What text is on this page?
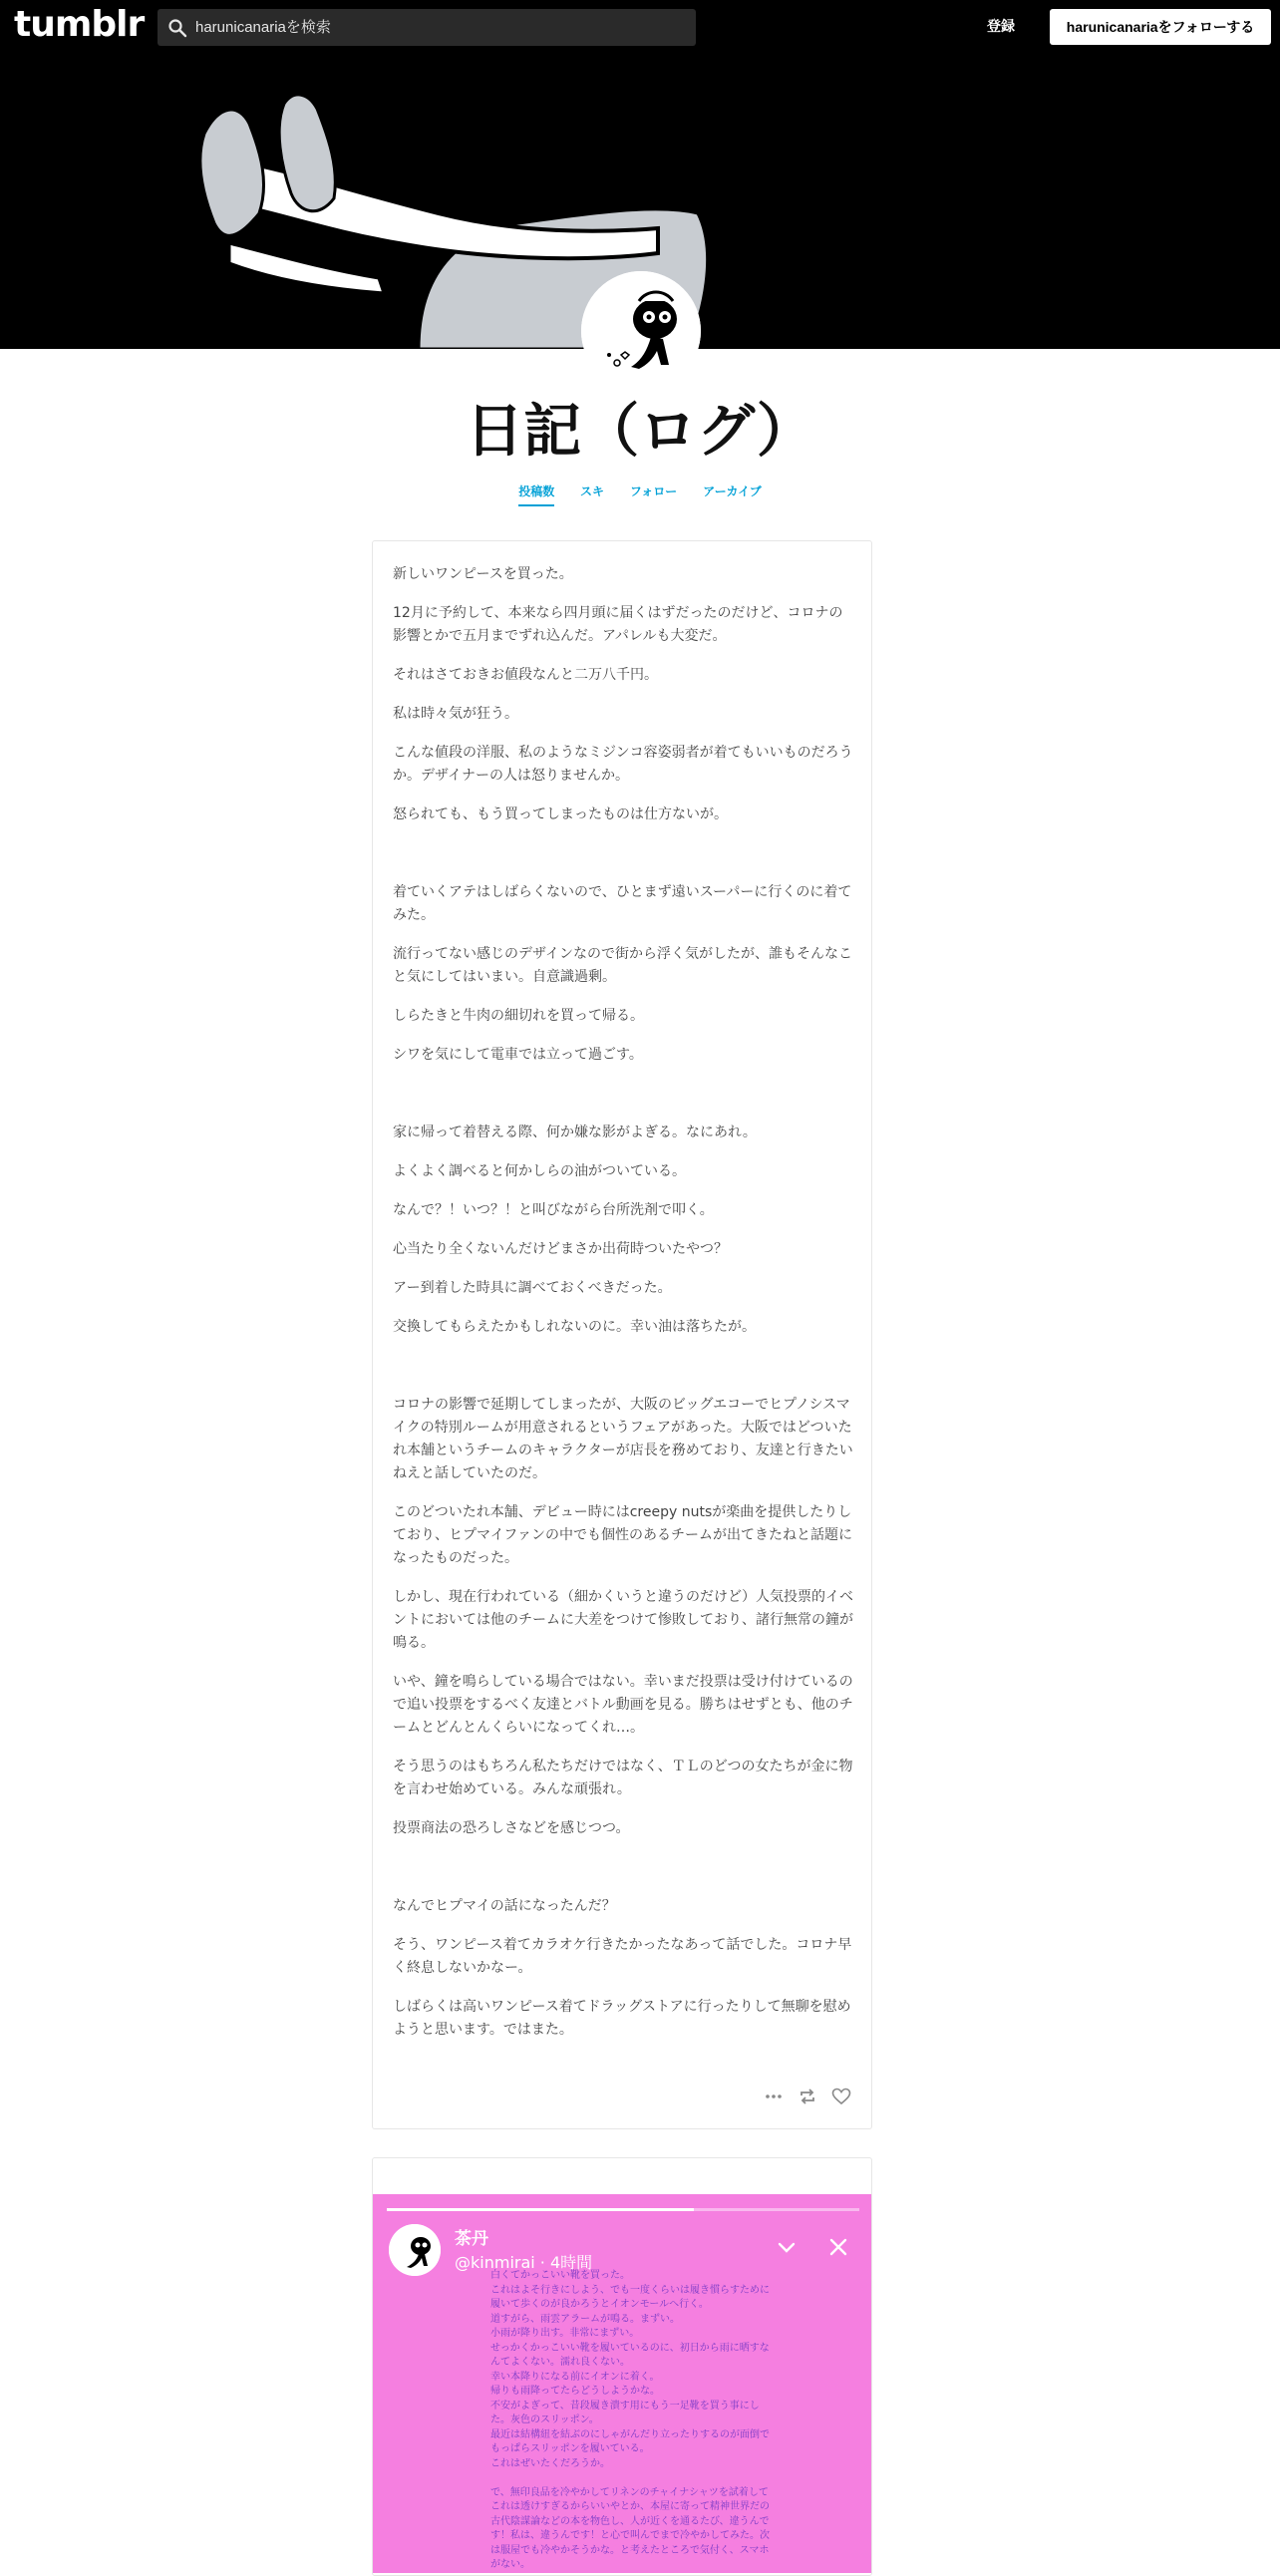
tumblr
harunicanariaを検索	登録	harunicanariaをフォローする
日記（ログ）
投稿数 スキ フォロー アーカイブ

新しいワンピースを買った。

12月に予約して、本来なら四月頭に届くはずだったのだけど、コロナの影響とかで五月までずれ込んだ。アパレルも大変だ。

それはさておきお値段なんと二万八千円。

私は時々気が狂う。

こんな値段の洋服、私のようなミジンコ容姿弱者が着てもいいものだろうか。デザイナーの人は怒りませんか。

怒られても、もう買ってしまったものは仕方ないが。

着ていくアテはしばらくないので、ひとまず遠いスーパーに行くのに着てみた。

流行ってない感じのデザインなので街から浮く気がしたが、誰もそんなこと気にしてはいまい。自意識過剰。

しらたきと牛肉の細切れを買って帰る。

シワを気にして電車では立って過ごす。

家に帰って着替える際、何か嫌な影がよぎる。なにあれ。

よくよく調べると何かしらの油がついている。

なんで？！いつ？！と叫びながら台所洗剤で叩く。

心当たり全くないんだけどまさか出荷時ついたやつ？

アー到着した時具に調べておくべきだった。

交換してもらえたかもしれないのに。幸い油は落ちたが。

コロナの影響で延期してしまったが、大阪のビッグエコーでヒプノシスマイクの特別ルームが用意されるというフェアがあった。大阪ではどついたれ本舗というチームのキャラクターが店長を務めており、友達と行きたいねえと話していたのだ。

このどついたれ本舗、デビュー時にはcreepy nutsが楽曲を提供したりしており、ヒプマイファンの中でも個性のあるチームが出てきたねと話題になったものだった。

しかし、現在行われている（細かくいうと違うのだけど）人気投票的イベントにおいては他のチームに大差をつけて惨敗しており、諸行無常の鐘が鳴る。

いや、鐘を鳴らしている場合ではない。幸いまだ投票は受け付けているので追い投票をするべく友達とバトル動画を見る。勝ちはせずとも、他のチームとどんとんくらいになってくれ…。

そう思うのはもちろん私たちだけではなく、ＴＬのどつの女たちが金に物を言わせ始めている。みんな頑張れ。

投票商法の恐ろしさなどを感じつつ。

なんでヒプマイの話になったんだ？

そう、ワンピース着てカラオケ行きたかったなあって話でした。コロナ早く終息しないかなー。

しばらくは高いワンピース着てドラッグストアに行ったりして無聊を慰めようと思います。ではまた。

茶丹
@kinmirai · 4時間
白くてかっこいい靴を買った。
これはよそ行きにしよう、でも一度くらいは履き慣らすために履いて歩くのが良かろうとイオンモールへ行く。
道すがら、雨雲アラームが鳴る。まずい。
小雨が降り出す。非常にまずい。
せっかくかっこいい靴を履いているのに、初日から雨に晒すなんてよくない。濡れ良くない。
幸い本降りになる前にイオンに着く。
帰りも雨降ってたらどうしようかな。
不安がよぎって、昔段履き潰す用にもう一足靴を買う事にした。灰色のスリッポン。
最近は結構紐を結ぶのにしゃがんだり立ったりするのが面倒でもっぱらスリッポンを履いている。
これはぜいたくだろうか。

で、無印良品を冷やかしてリネンのチャイナシャツを試着してこれは透けすぎるからいいやとか、本屋に寄って精神世界だの古代陰謀論などの本を物色し、人が近くを通るたび、違うんです！私は、違うんです！と心で叫んでまで冷やかしてみた。次は服屋でも冷やかそうかな。と考えたところで気付く、スマホがない。
